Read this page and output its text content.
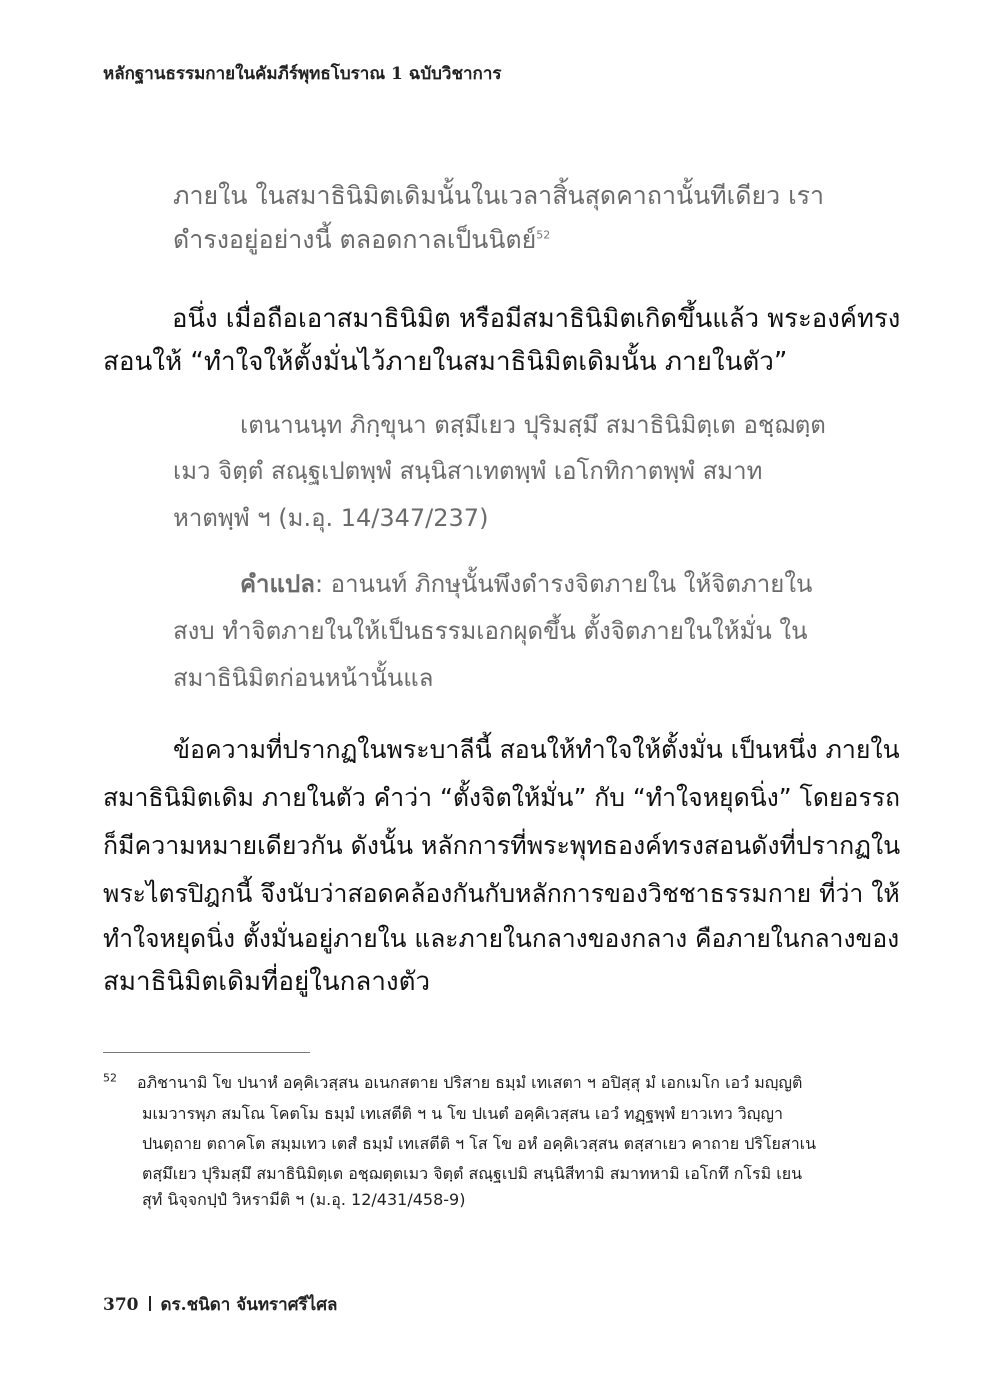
หลักฐานธรรมกายในคัมภีร์พุทธโบราณ 1 ฉบับวิชาการ
ภายใน ในสมาธินิมิตเดิมนั้นในเวลาสิ้นสุดคาถานั้นทีเดียว เรา
ดำรงอยู่อย่างนี้ ตลอดกาลเป็นนิตย์$^{52}$
อนึ่ง เมื่อถือเอาสมาธินิมิต หรือมีสมาธินิมิตเกิดขึ้นแล้ว พระองค์ทรง
สอนให้ “ทำใจให้ตั้งมั่นไว้ภายในสมาธินิมิตเดิมนั้น ภายในตัว”
เตนานนฺท ภิกฺขุนา ตสฺมึเยว ปุริมสฺมึ สมาธินิมิตฺเต อชฺฌตฺต
เมว จิตฺตํ สณฺฐเปตพฺพํ สนฺนิสาเทตพฺพํ เอโกทิกาตพฺพํ สมาท
หาตพฺพํ ฯ (ม.อุ. 14/347/237)
คำแปล: อานนท์ ภิกษุนั้นพึงดำรงจิตภายใน ให้จิตภายใน
สงบ ทำจิตภายในให้เป็นธรรมเอกผุดขึ้น ตั้งจิตภายในให้มั่น ใน
สมาธินิมิตก่อนหน้านั้นแล
ข้อความที่ปรากฏในพระบาลีนี้ สอนให้ทำใจให้ตั้งมั่น เป็นหนึ่ง ภายใน
สมาธินิมิตเดิม ภายในตัว คำว่า “ตั้งจิตให้มั่น” กับ “ทำใจหยุดนิ่ง” โดยอรรถ
ก็มีความหมายเดียวกัน ดังนั้น หลักการที่พระพุทธองค์ทรงสอนดังที่ปรากฏใน
พระไตรปิฎกนี้ จึงนับว่าสอดคล้องกันกับหลักการของวิชชาธรรมกาย ที่ว่า ให้
ทำใจหยุดนิ่ง ตั้งมั่นอยู่ภายใน และภายในกลางของกลาง คือภายในกลางของ
สมาธินิมิตเดิมที่อยู่ในกลางตัว
$^{52}$ อภิชานามิ โข ปนาหํ อคฺคิเวสฺสน อเนกสตาย ปริสาย ธมฺมํ เทเสตา ฯ อปิสฺสุ มํ เอกเมโก เอวํ มญฺญติ
มเมวารพฺภ สมโณ โคตโม ธมฺมํ เทเสตีติ ฯ น โข ปเนตํ อคฺคิเวสฺสน เอวํ ทฏฺฐพฺพํ ยาวเทว วิญฺญา
ปนตฺถาย ตถาคโต สมฺมเทว เตสํ ธมฺมํ เทเสตีติ ฯ โส โข อหํ อคฺคิเวสฺสน ตสฺสาเยว คาถาย ปริโยสาเน
ตสฺมึเยว ปุริมสฺมึ สมาธินิมิตฺเต อชฺฌตฺตเมว จิตฺตํ สณฺฐเปมิ สนฺนิสีทามิ สมาทหามิ เอโกทึ กโรมิ เยน
สุทํ นิจฺจกปฺปํ วิหรามีติ ฯ (ม.อุ. 12/431/458-9)
370 ดร.ชนิดา จันทราศรีไศล
